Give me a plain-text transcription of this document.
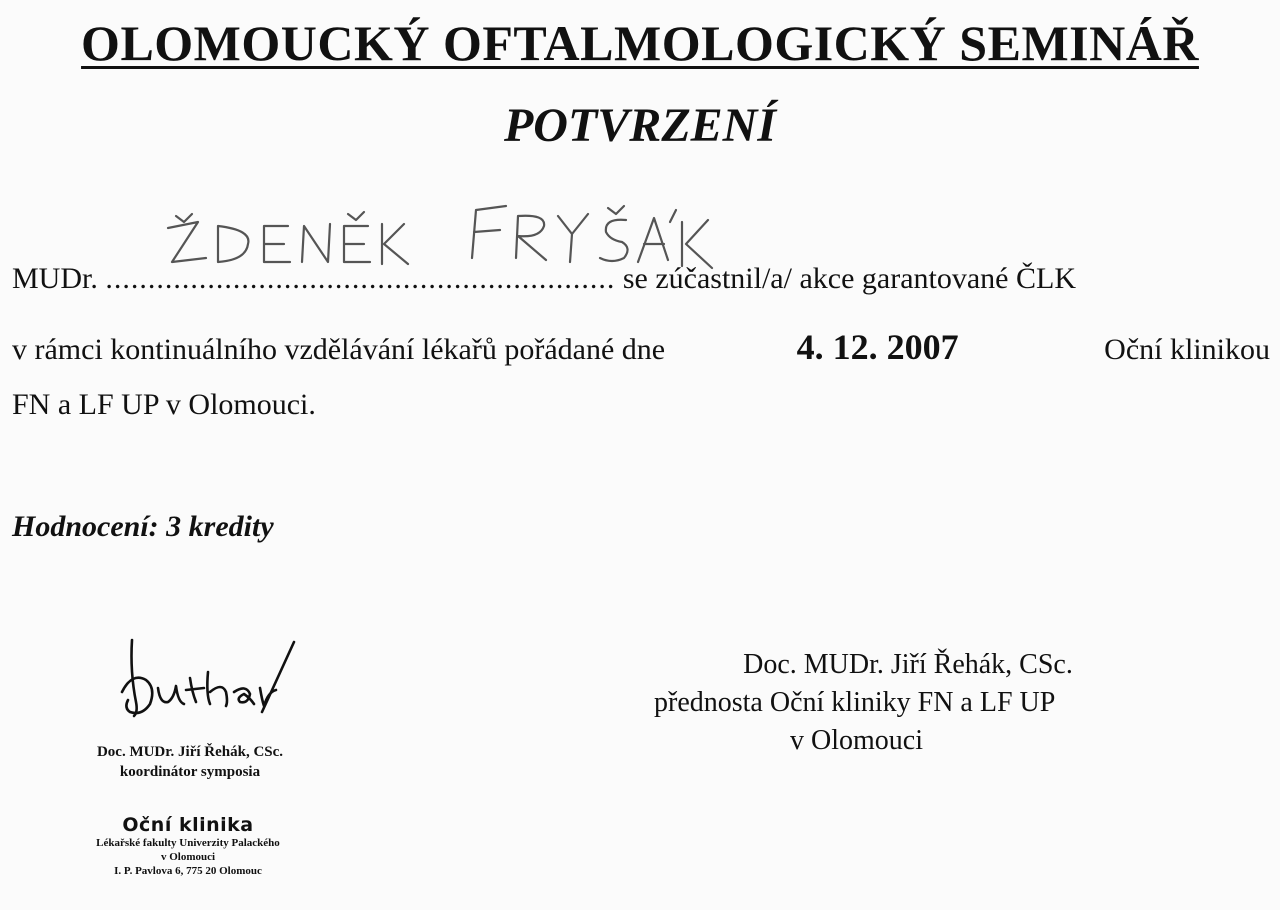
OLOMOUCKÝ OFTALMOLOGICKÝ SEMINÁŘ
POTVRZENÍ
MUDr. ............................................................ se zúčastnil/a/ akce garantované ČLK
v rámci kontinuálního vzdělávání lékařů pořádané dne	4. 12. 2007	Oční klinikou
FN a LF UP v Olomouci.
Hodnocení: 3 kredity
Doc. MUDr. Jiří Řehák, CSc.
koordinátor symposia
Oční klinika
Lékařské fakulty Univerzity Palackého
v Olomouci
I. P. Pavlova 6, 775 20 Olomouc
Doc. MUDr. Jiří Řehák, CSc.
přednosta Oční kliniky FN a LF UP
v Olomouci
